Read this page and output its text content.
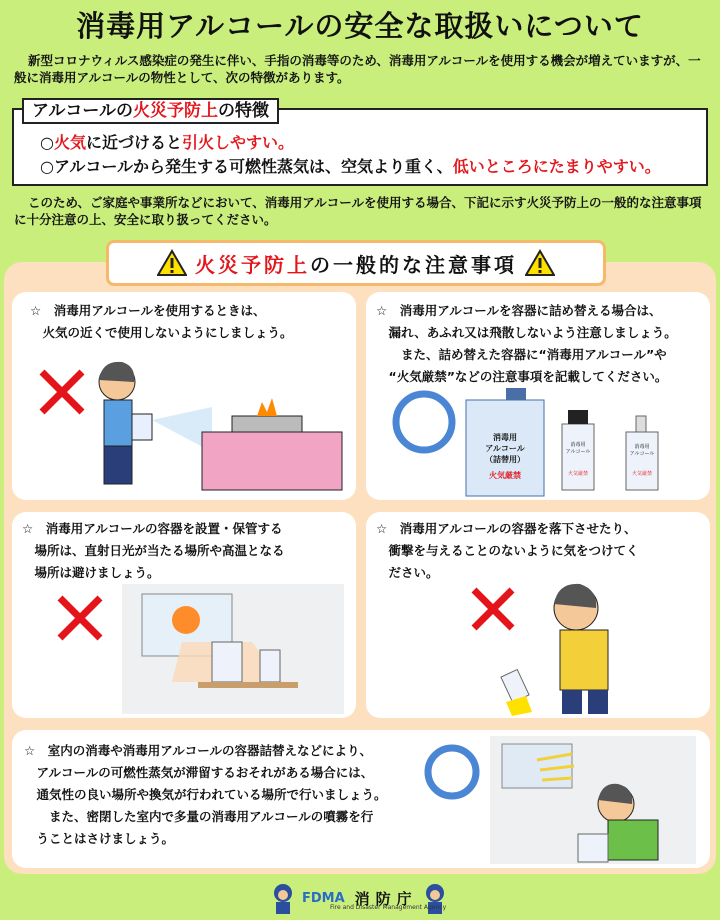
消毒用アルコールの安全な取扱いについて
新型コロナウィルス感染症の発生に伴い、手指の消毒等のため、消毒用アルコールを使用する機会が増えていますが、一般に消毒用アルコールの物性として、次の特徴があります。
アルコールの火災予防上の特徴
○火気に近づけると引火しやすい。
○アルコールから発生する可燃性蒸気は、空気より重く、低いところにたまりやすい。
このため、ご家庭や事業所などにおいて、消毒用アルコールを使用する場合、下記に示す火災予防上の一般的な注意事項に十分注意の上、安全に取り扱ってください。
火災予防上 の一般的な注意事項
☆　消毒用アルコールを使用するときは、
　火気の近くで使用しないようにしましょう。
☆　消毒用アルコールを容器に詰め替える場合は、
　漏れ、あふれ又は飛散しないよう注意しましょう。
　　また、詰め替えた容器に“消毒用アルコール”や
　“火気厳禁”などの注意事項を記載してください。
消毒用
アルコール
（詰替用）
火気厳禁
消毒用
アルコール
火気厳禁
消毒用
アルコール
火気厳禁
☆　消毒用アルコールの容器を設置・保管する
　場所は、直射日光が当たる場所や高温となる
　場所は避けましょう。
☆　消毒用アルコールの容器を落下させたり、
　衝撃を与えることのないように気をつけてく
　ださい。
☆　室内の消毒や消毒用アルコールの容器詰替えなどにより、
　アルコールの可燃性蒸気が滞留するおそれがある場合には、
　通気性の良い場所や換気が行われている場所で行いましょう。
　　また、密閉した室内で多量の消毒用アルコールの噴霧を行
　うことはさけましょう。
FDMA 消防庁
Fire and Disaster Management Agency
